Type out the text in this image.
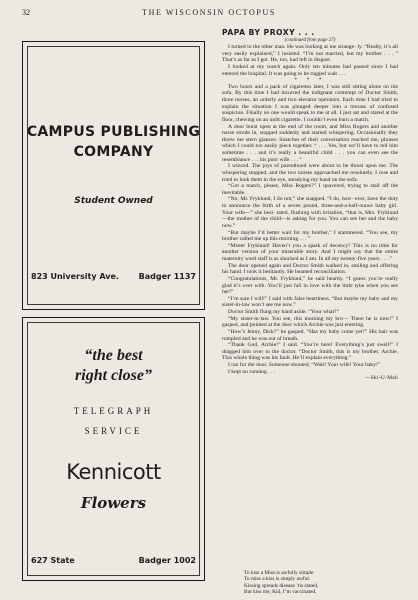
32	THE WISCONSIN OCTOPUS
CAMPUS PUBLISHING
COMPANY
Student Owned
823 University Ave. Badger 1137
“the best
right close”
TELEGRAPH
SERVICE
Kennicott
Flowers
627 State	Badger 1002
PAPA BY PROXY . . .
(continued from page 27)
I turned to the other man. He was looking at me strange- ly. “Really, it’s all very easily explained,” I insisted. “I’m not married, but my brother . . . ” That’s as far as I got. He, too, had left in disgust.
I looked at my watch again. Only ten minutes had passed since I had entered the hospital. It was going to be rugged wait . . .
* * *
Two hours and a pack of cigarettes later, I was still sitting alone on the sofa. By this time I had incurred the indignant contempt of Doctor Smith, three nurses, an orderly and two elevator operators. Each time I had tried to explain the situation I was plunged deeper into a morass of confused suspicion. Finally no one would speak to me at all. I just sat and stared at the floor, chewing on an unlit cigarette. I couldn’t even burn a match.
A door burst open at the end of the room, and Miss Rogers and another nurse strode in, stopped suddenly and started whispering. Occasionally they threw me stern glances. Snatches of their conversation reached me, phrases which I could too easily piece together. “ . . . Yes, but we’ll have to tell him sometime . . . and it’s really a beautiful child . . . you can even see the resemblance . . . his poor wife . . . ”
I winced. The joys of parenthood were about to be thrust upon me. The whispering stopped, and the two nurses approached me resolutely. I rose and tried to look them in the eye, steadying my hand on the sofa.
“Got a match, please, Miss Rogers?” I quavered, trying to stall off the inevitable.
“No, Mr. Fryklund, I do not,” she snapped. “I do, how- ever, have the duty to announce the birth of a seven pound, three-and-a-half-ounce baby girl. Your wife—” she hesi- tated, flushing with irritation, “that is, Mrs. Fryklund—the mother of the child—is asking for you. You can see her and the baby now.”
“But maybe I’d better wait for my brother,” I stammered. “You see, my brother called me up this morning . . . ”
“Mister Fryklund! Haven’t you a spark of decency? This is no time for another version of your miserable story. And I might say that the entire maternity ward staff is as shocked as I am. In all my twenty-five years . . . ”
The door opened again and Doctor Smith walked in, smiling and offering his hand. I took it hesitantly. He beamed reconciliation.
“Congratulations, Mr. Fryklund,” he said heartly. “I guess you’re really glad it’s over with. You’ll just fall in love with the little tyke when you see her!”
“I’m sure I will!” I said with false heartiness. “But maybe my baby and my sister-in-law won’t see me now.”
Doctor Smith flung my hand aside. “Your what?”
“My sister-in-law. You see, this morning my bro— There he is now!” I gasped, and pointed at the door which Archie was just entering.
“How’s Jenny, Dick?” he gasped. “Has my baby come yet?” His hair was rumpled and he was out of breath.
“Thank God, Archie!” I said. “You’re here! Everything’s just swell!” I dragged him over to the doctor. “Doctor Smith, this is my brother, Archie. This whole thing was his fault. He’ll explain everything.”
I ran for the door. Someone shouted, “Wait! Your wife! Your baby!”
I kept on running . . .
—Ski-U-Mah
To kiss a Miss is awfully simple
To miss a kiss is simply awful.
Kissing spreads disease ’tis stated,
But kiss me, Kid, I’m vaccinated.
